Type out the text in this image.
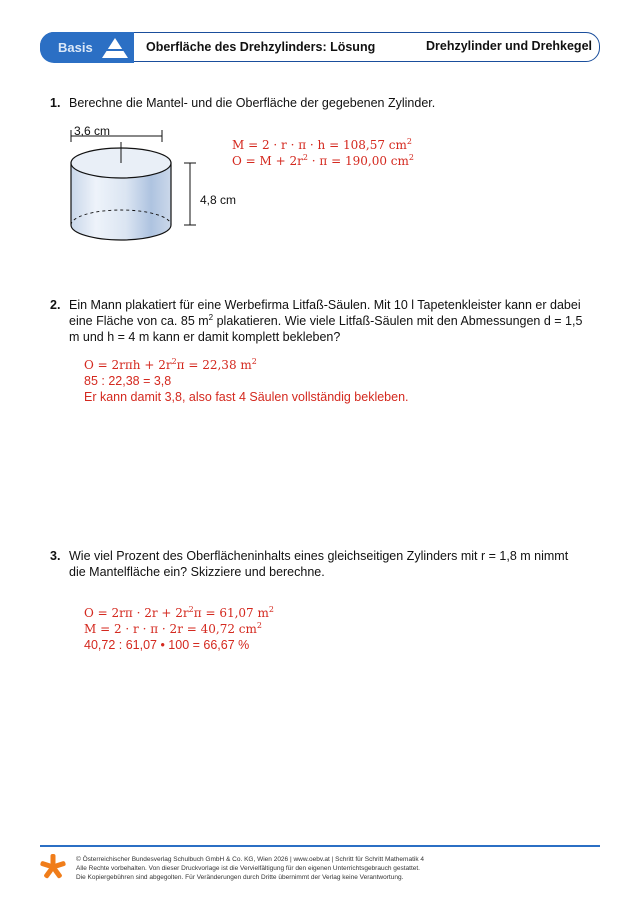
Basis	Oberfläche des Drehzylinders: Lösung	Drehzylinder und Drehkegel
1. Berechne die Mantel- und die Oberfläche der gegebenen Zylinder.
3,6 cm
4,8 cm
M = 2 · r · π · h = 108,57 $cm^2$
$O = M + 2r^2 \cdot \pi = 190,00$ $cm^2$
2. Ein Mann plakatiert für eine Werbefirma Litfaß-Säulen. Mit 10 l Tapetenkleister kann er dabei
eine Fläche von ca. 85 $m^2$ plakatieren. Wie viele Litfaß-Säulen mit den Abmessungen d = 1,5
m und h = 4 m kann er damit komplett bekleben?
$O = 2r\pi h + 2r^2\pi = 22,38$ $m^2$
85 : 22,38 = 3,8
Er kann damit 3,8, also fast 4 Säulen vollständig bekleben.
3. Wie viel Prozent des Oberflächeninhalts eines gleichseitigen Zylinders mit r = 1,8 m nimmt
die Mantelfläche ein? Skizziere und berechne.
$O = 2r\pi \cdot 2r + 2r^2\pi = 61,07$ $m^2$
M = 2 · r · π · 2r = 40,72 $cm^2$
40,72 : 61,07 • 100 = 66,67 %
© Österreichischer Bundesverlag Schulbuch GmbH & Co. KG, Wien 2026 | www.oebv.at | Schritt für Schritt Mathematik 4
Alle Rechte vorbehalten. Von dieser Druckvorlage ist die Vervielfältigung für den eigenen Unterrichtsgebrauch gestattet.
Die Kopiergebühren sind abgegolten. Für Veränderungen durch Dritte übernimmt der Verlag keine Verantwortung.
